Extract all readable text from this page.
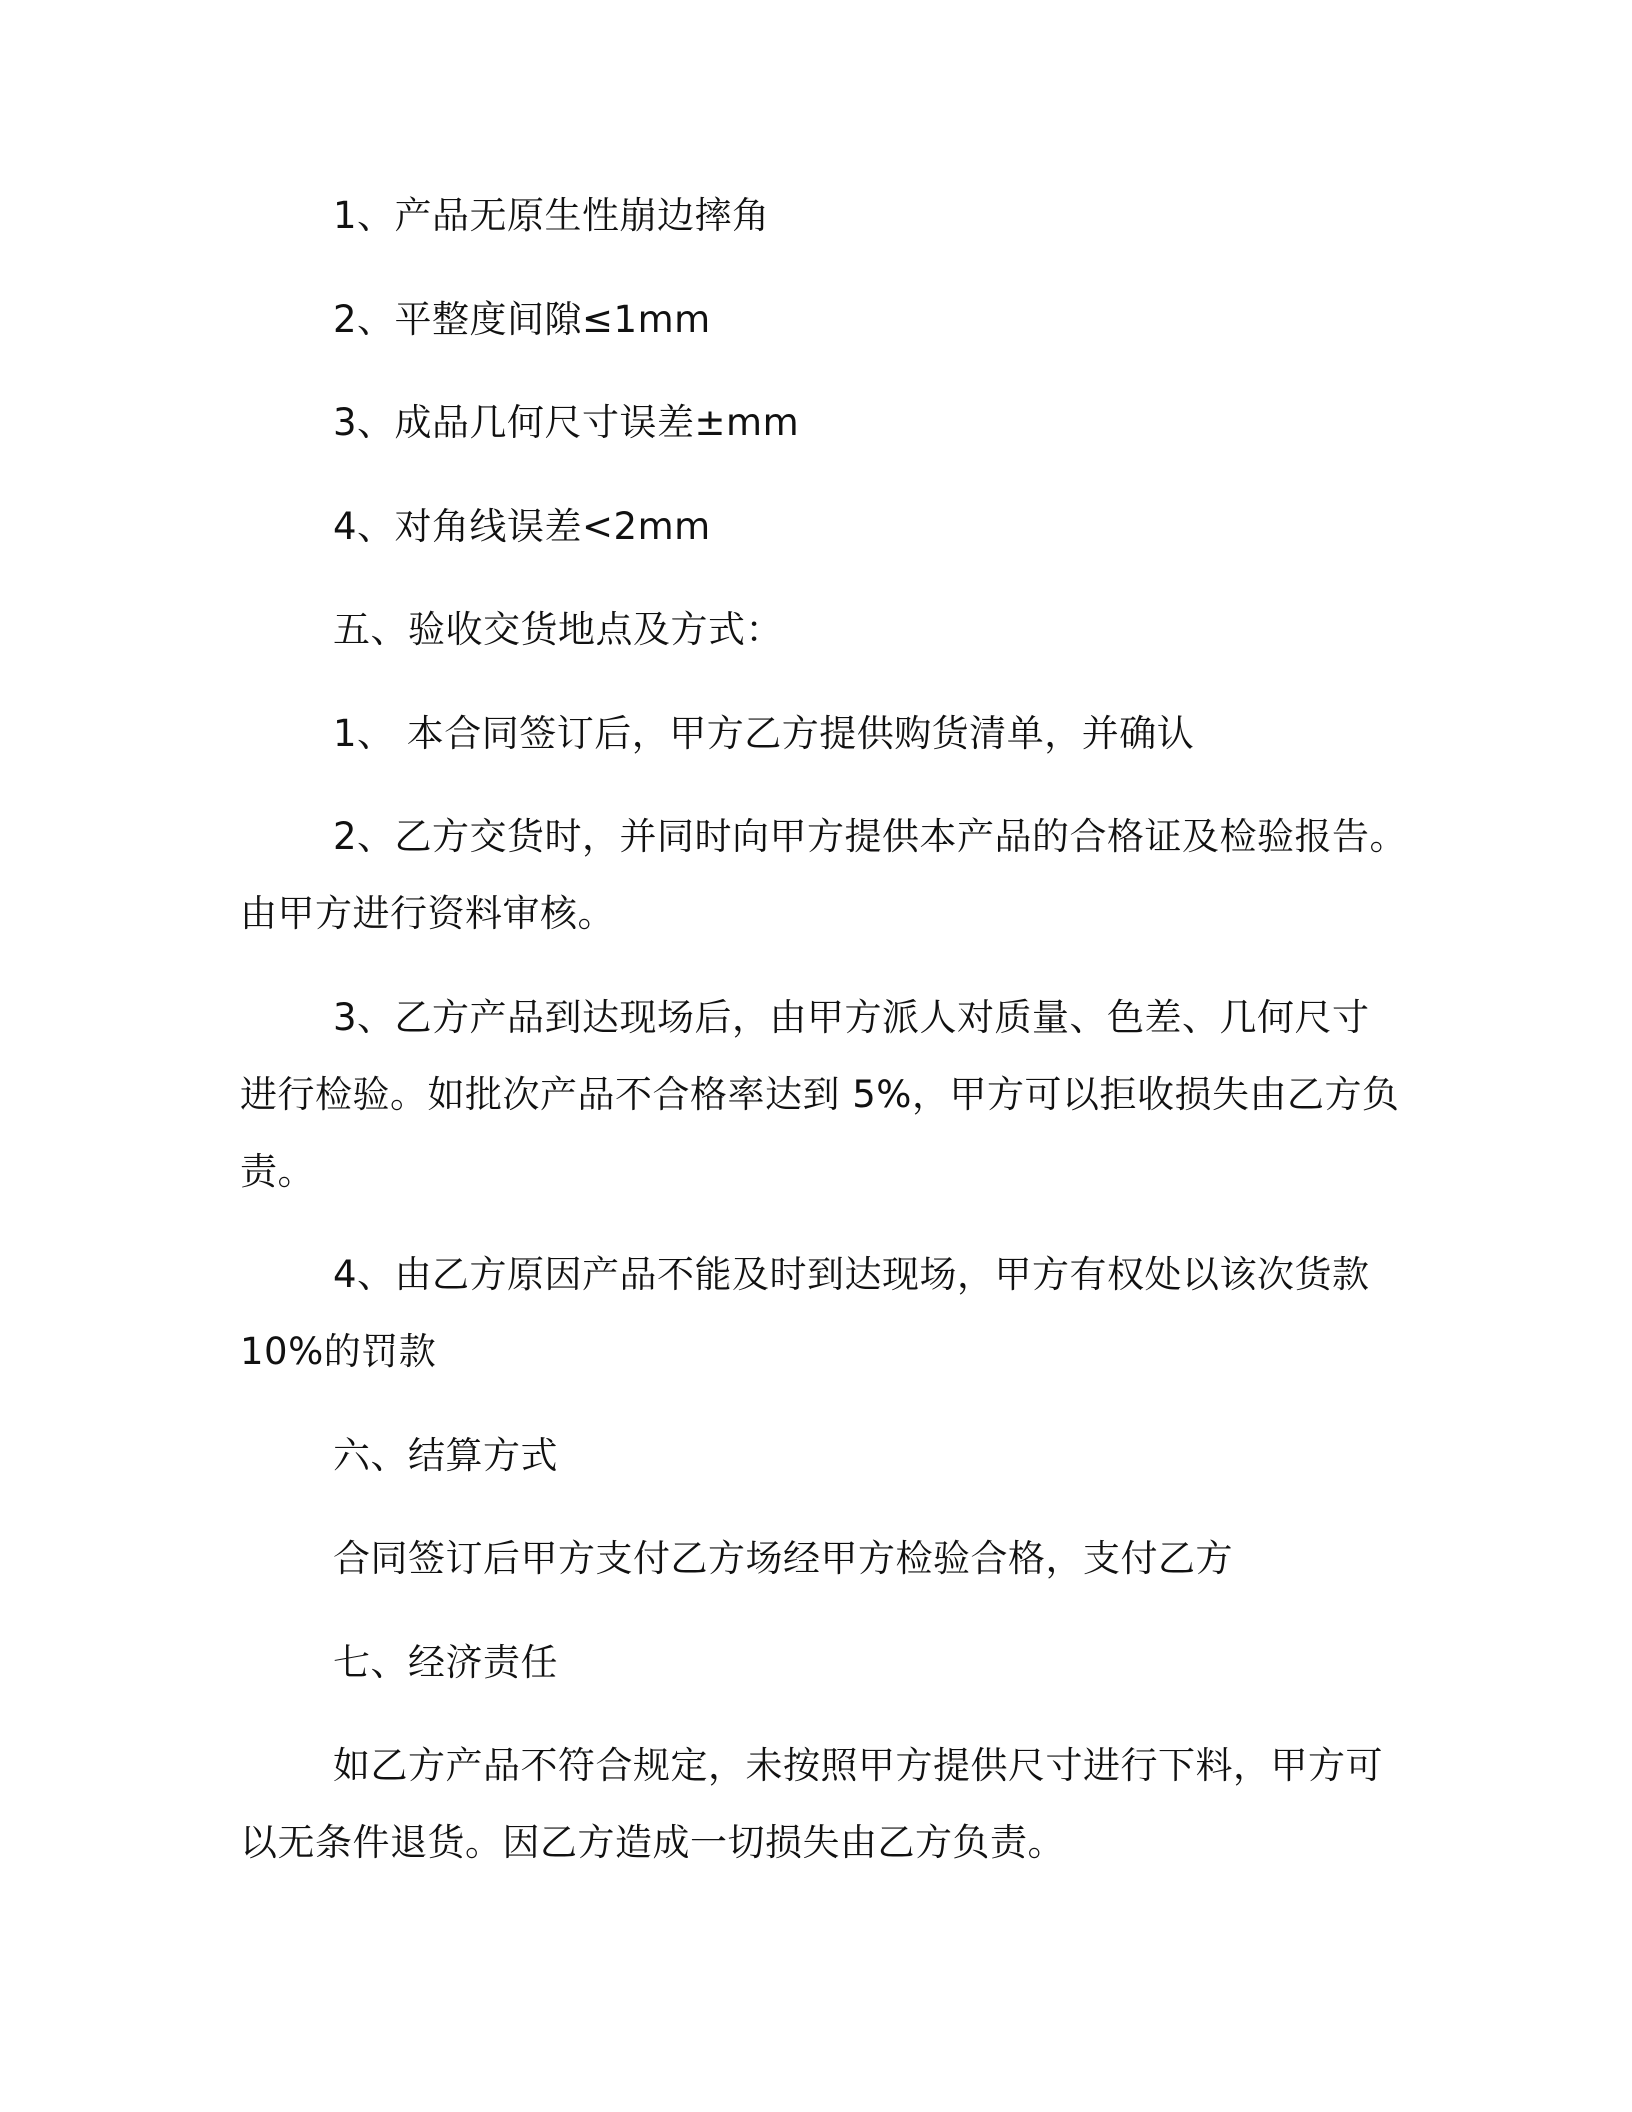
1、产品无原生性崩边摔角
2、平整度间隙≤1mm
3、成品几何尺寸误差±mm
4、对角线误差<2mm
五、验收交货地点及方式：
1、 本合同签订后，甲方乙方提供购货清单，并确认
2、乙方交货时，并同时向甲方提供本产品的合格证及检验报告。
由甲方进行资料审核。
3、乙方产品到达现场后，由甲方派人对质量、色差、几何尺寸
进行检验。如批次产品不合格率达到 5%，甲方可以拒收损失由乙方负
责。
4、由乙方原因产品不能及时到达现场，甲方有权处以该次货款
10%的罚款
六、结算方式
合同签订后甲方支付乙方场经甲方检验合格，支付乙方
七、经济责任
如乙方产品不符合规定，未按照甲方提供尺寸进行下料，甲方可
以无条件退货。因乙方造成一切损失由乙方负责。
